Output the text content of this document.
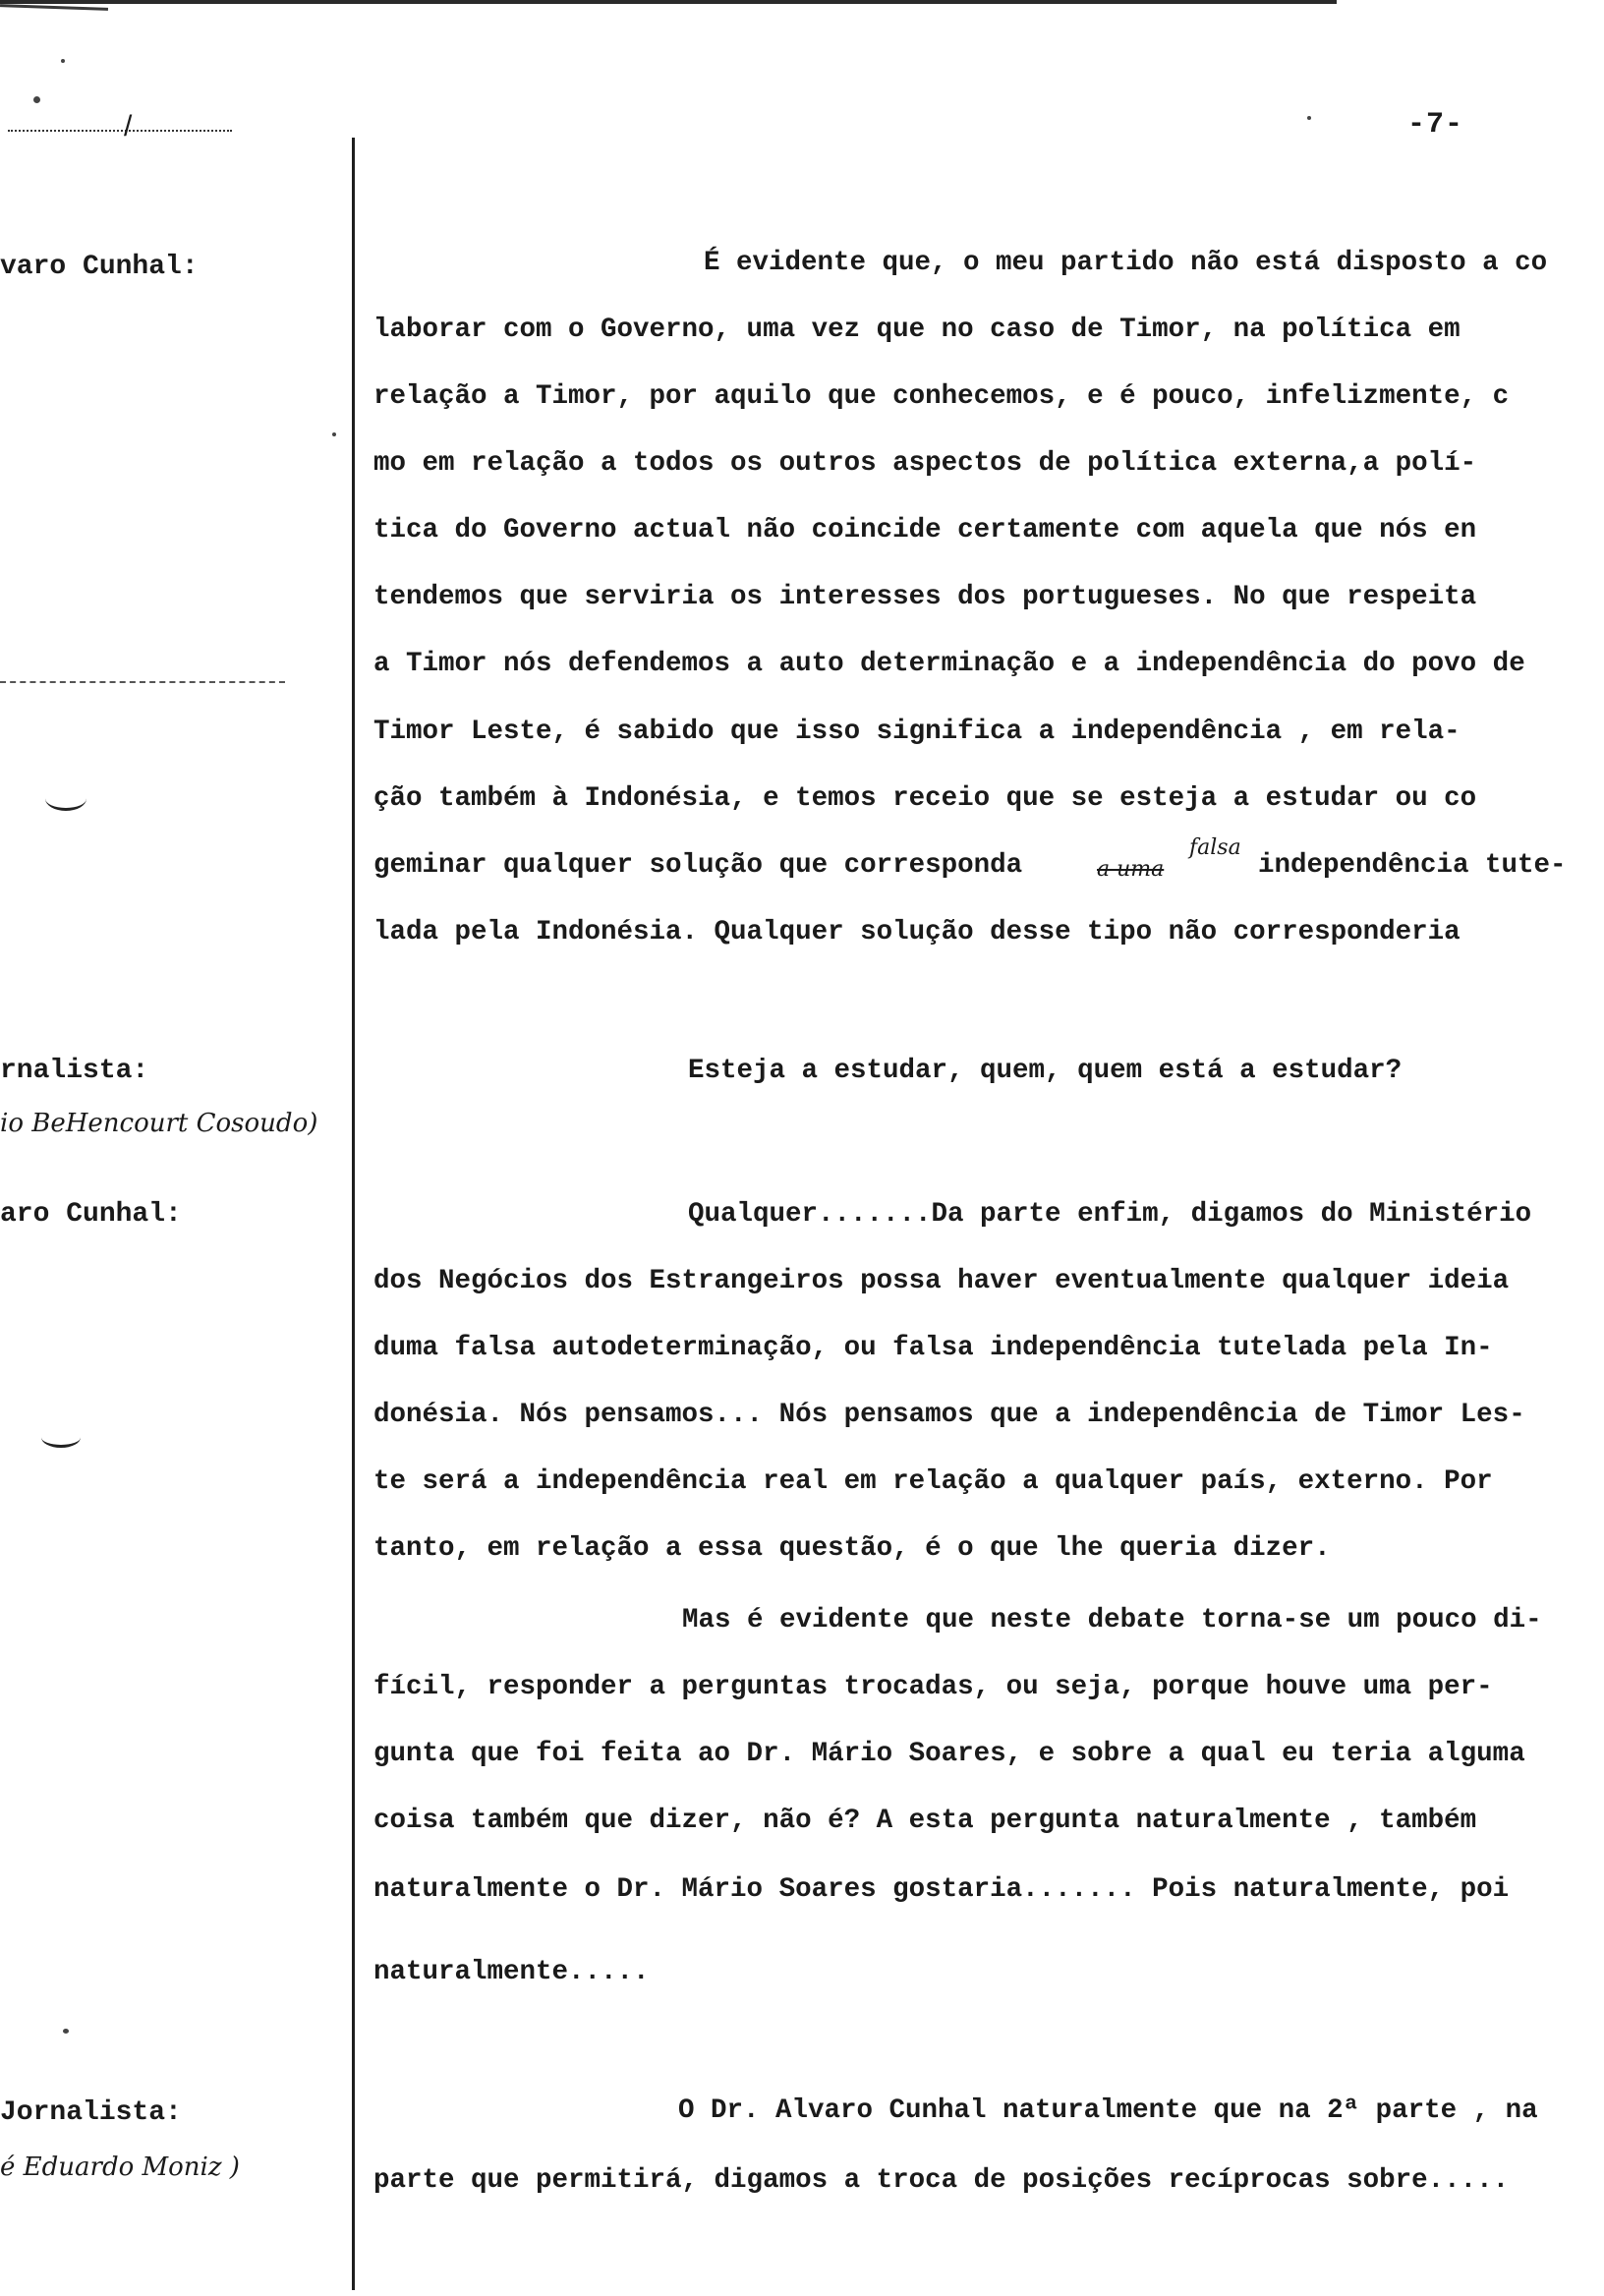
/	-7-
varo Cunhal:
rnalista:
io BeHencourt Cosoudo)
aro Cunhal:
Jornalista:
é Eduardo Moniz )
É evidente que, o meu partido não está disposto a co
laborar com o Governo, uma vez que no caso de Timor, na política em
relação a Timor, por aquilo que conhecemos, e é pouco, infelizmente, c
mo em relação a todos os outros aspectos de política externa,a polí-
tica do Governo actual não coincide certamente com aquela que nós en
tendemos que serviria os interesses dos portugueses. No que respeita
a Timor nós defendemos a auto determinação e a independência do povo de
Timor Leste, é sabido que isso significa a independência , em rela-
ção também à Indonésia, e temos receio que se esteja a estudar ou co
geminar qualquer solução que corresponda	a uma
falsa
independência tute-
lada pela Indonésia. Qualquer solução desse tipo não corresponderia
Esteja a estudar, quem, quem está a estudar?
Qualquer.......Da parte enfim, digamos do Ministério
dos Negócios dos Estrangeiros possa haver eventualmente qualquer ideia
duma falsa autodeterminação, ou falsa independência tutelada pela In-
donésia. Nós pensamos... Nós pensamos que a independência de Timor Les-
te será a independência real em relação a qualquer país, externo. Por
tanto, em relação a essa questão, é o que lhe queria dizer.
Mas é evidente que neste debate torna-se um pouco di-
fícil, responder a perguntas trocadas, ou seja, porque houve uma per-
gunta que foi feita ao Dr. Mário Soares, e sobre a qual eu teria alguma
coisa também que dizer, não é? A esta pergunta naturalmente , também
naturalmente o Dr. Mário Soares gostaria....... Pois naturalmente, poi
naturalmente.....
O Dr. Alvaro Cunhal naturalmente que na 2ª parte , na
parte que permitirá, digamos a troca de posições recíprocas sobre.....
